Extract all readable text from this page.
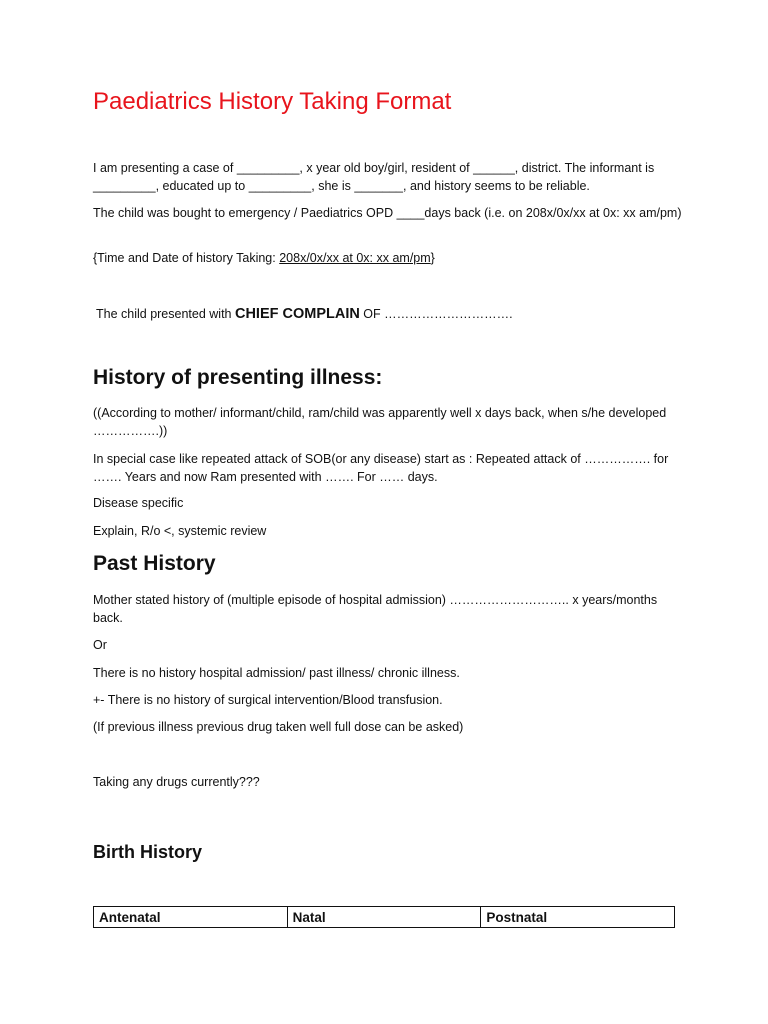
Paediatrics History Taking Format

I am presenting a case of _________, x year old boy/girl, resident of ______, district. The informant is _________, educated up to _________, she is _______, and history seems to be reliable.

The child was bought to emergency / Paediatrics OPD ____days back (i.e. on 208x/0x/xx at 0x: xx am/pm)

{Time and Date of history Taking: 208x/0x/xx at 0x: xx am/pm}

The child presented with CHIEF COMPLAIN OF ………………………….

History of presenting illness:

((According to mother/ informant/child, ram/child was apparently well x days back, when s/he developed …………….))

In special case like repeated attack of SOB(or any disease) start as : Repeated attack of ……………. for ……. Years and now Ram presented with ……. For …… days.

Disease specific

Explain, R/o <, systemic review

Past History

Mother stated history of (multiple episode of hospital admission) ……………………….. x years/months back.

Or

There is no history hospital admission/ past illness/ chronic illness.

+- There is no history of surgical intervention/Blood transfusion.

(If previous illness previous drug taken well full dose can be asked)

Taking any drugs currently???

Birth History
Antenatal	Natal	Postnatal
